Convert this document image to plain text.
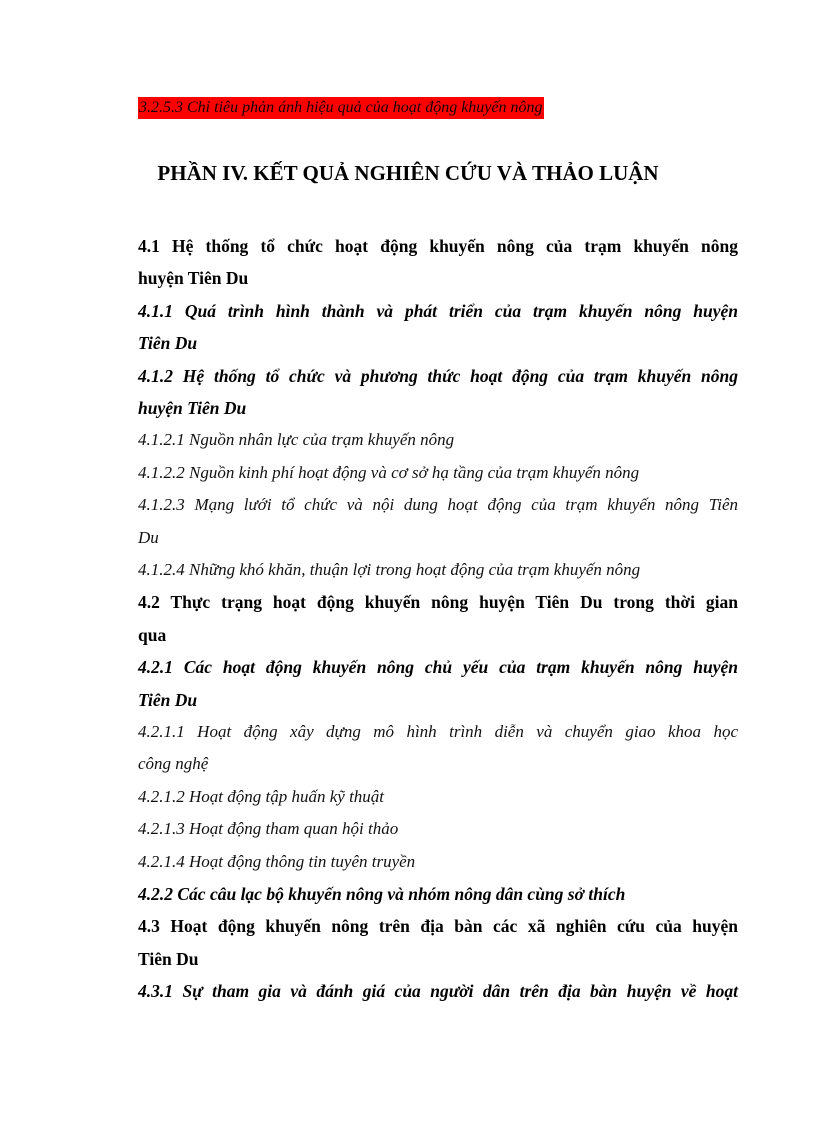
3.2.5.3 Chỉ tiêu phản ánh hiệu quả của hoạt động khuyến nông
PHẦN IV. KẾT QUẢ NGHIÊN CỨU VÀ THẢO LUẬN
4.1 Hệ thống tổ chức hoạt động khuyến nông của trạm khuyến nông
huyện Tiên Du
4.1.1 Quá trình hình thành và phát triển của trạm khuyến nông huyện
Tiên Du
4.1.2 Hệ thống tổ chức và phương thức hoạt động của trạm khuyến nông
huyện Tiên Du
4.1.2.1 Nguồn nhân lực của trạm khuyến nông
4.1.2.2 Nguồn kinh phí hoạt động và cơ sở hạ tầng của trạm khuyến nông
4.1.2.3 Mạng lưới tổ chức và nội dung hoạt động của trạm khuyến nông Tiên
Du
4.1.2.4 Những khó khăn, thuận lợi trong hoạt động của trạm khuyến nông
4.2 Thực trạng hoạt động khuyến nông huyện Tiên Du trong thời gian
qua
4.2.1 Các hoạt động khuyến nông chủ yếu của trạm khuyến nông huyện
Tiên Du
4.2.1.1 Hoạt động xây dựng mô hình trình diễn và chuyển giao khoa học
công nghệ
4.2.1.2 Hoạt động tập huấn kỹ thuật
4.2.1.3 Hoạt động tham quan hội thảo
4.2.1.4 Hoạt động thông tin tuyên truyền
4.2.2 Các câu lạc bộ khuyến nông và nhóm nông dân cùng sở thích
4.3 Hoạt động khuyến nông trên địa bàn các xã nghiên cứu của huyện
Tiên Du
4.3.1 Sự tham gia và đánh giá của người dân trên địa bàn huyện về hoạt
